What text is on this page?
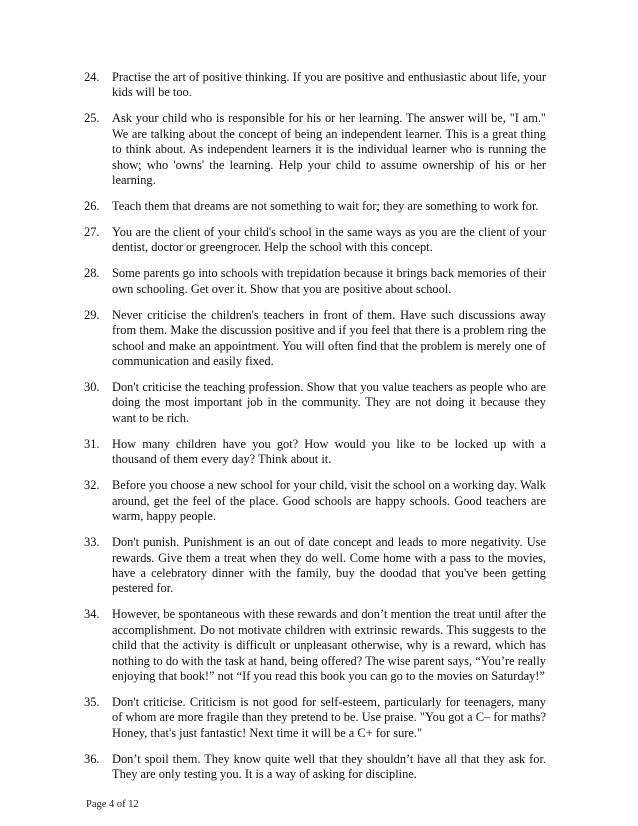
24. Practise the art of positive thinking. If you are positive and enthusiastic about life, your kids will be too.
25. Ask your child who is responsible for his or her learning. The answer will be, "I am." We are talking about the concept of being an independent learner. This is a great thing to think about. As independent learners it is the individual learner who is running the show; who 'owns' the learning. Help your child to assume ownership of his or her learning.
26. Teach them that dreams are not something to wait for; they are something to work for.
27. You are the client of your child's school in the same ways as you are the client of your dentist, doctor or greengrocer. Help the school with this concept.
28. Some parents go into schools with trepidation because it brings back memories of their own schooling. Get over it. Show that you are positive about school.
29. Never criticise the children's teachers in front of them. Have such discussions away from them. Make the discussion positive and if you feel that there is a problem ring the school and make an appointment. You will often find that the problem is merely one of communication and easily fixed.
30. Don't criticise the teaching profession. Show that you value teachers as people who are doing the most important job in the community. They are not doing it because they want to be rich.
31. How many children have you got? How would you like to be locked up with a thousand of them every day? Think about it.
32. Before you choose a new school for your child, visit the school on a working day. Walk around, get the feel of the place. Good schools are happy schools. Good teachers are warm, happy people.
33. Don't punish. Punishment is an out of date concept and leads to more negativity. Use rewards. Give them a treat when they do well. Come home with a pass to the movies, have a celebratory dinner with the family, buy the doodad that you've been getting pestered for.
34. However, be spontaneous with these rewards and don’t mention the treat until after the accomplishment. Do not motivate children with extrinsic rewards. This suggests to the child that the activity is difficult or unpleasant otherwise, why is a reward, which has nothing to do with the task at hand, being offered? The wise parent says, “You’re really enjoying that book!” not “If you read this book you can go to the movies on Saturday!”
35. Don't criticise. Criticism is not good for self-esteem, particularly for teenagers, many of whom are more fragile than they pretend to be. Use praise. "You got a C– for maths? Honey, that's just fantastic! Next time it will be a C+ for sure."
36. Don’t spoil them. They know quite well that they shouldn’t have all that they ask for. They are only testing you. It is a way of asking for discipline.
Page 4 of 12
